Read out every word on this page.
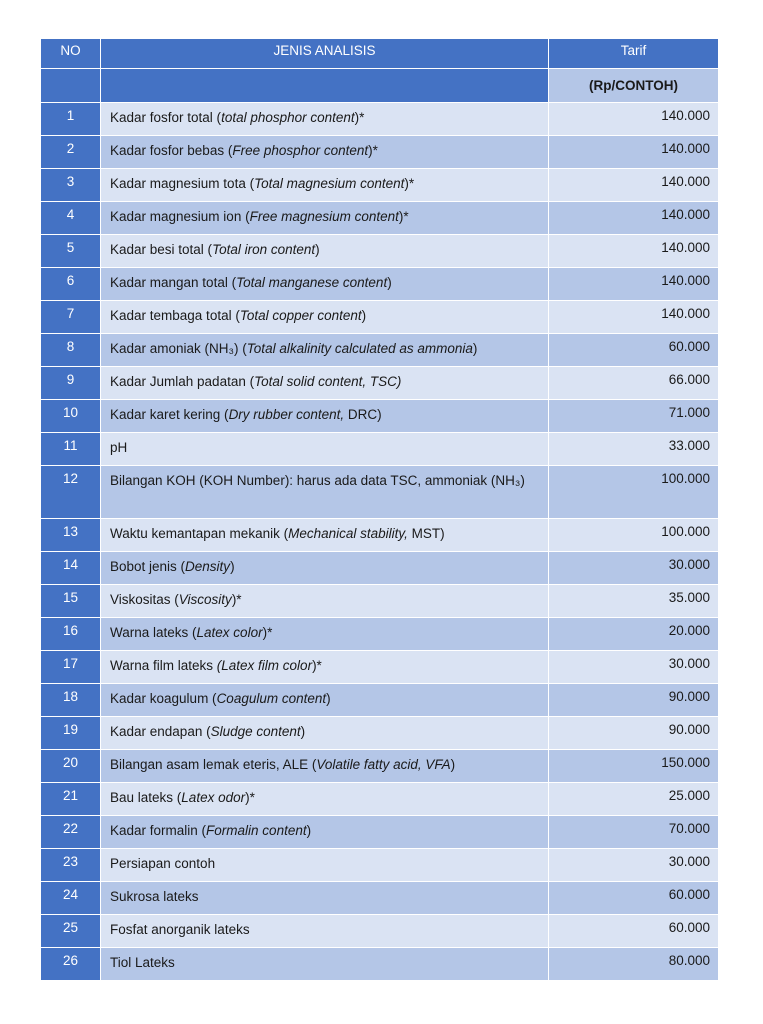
NO	JENIS ANALISIS	Tarif
		(Rp/CONTOH)
1	Kadar fosfor total (total phosphor content)*	140.000
2	Kadar fosfor bebas (Free phosphor content)*	140.000
3	Kadar magnesium tota (Total magnesium content)*	140.000
4	Kadar magnesium ion (Free magnesium content)*	140.000
5	Kadar besi total (Total iron content)	140.000
6	Kadar mangan total (Total manganese content)	140.000
7	Kadar tembaga total (Total copper content)	140.000
8	Kadar amoniak (NH₃) (Total alkalinity calculated as ammonia)	60.000
9	Kadar Jumlah padatan (Total solid content, TSC)	66.000
10	Kadar karet kering (Dry rubber content, DRC)	71.000
11	pH	33.000
12	Bilangan KOH (KOH Number): harus ada data TSC, ammoniak (NH₃)	100.000
13	Waktu kemantapan mekanik (Mechanical stability, MST)	100.000
14	Bobot jenis (Density)	30.000
15	Viskositas (Viscosity)*	35.000
16	Warna lateks (Latex color)*	20.000
17	Warna film lateks (Latex film color)*	30.000
18	Kadar koagulum (Coagulum content)	90.000
19	Kadar endapan (Sludge content)	90.000
20	Bilangan asam lemak eteris, ALE (Volatile fatty acid, VFA)	150.000
21	Bau lateks (Latex odor)*	25.000
22	Kadar formalin (Formalin content)	70.000
23	Persiapan contoh	30.000
24	Sukrosa lateks	60.000
25	Fosfat anorganik lateks	60.000
26	Tiol Lateks	80.000
